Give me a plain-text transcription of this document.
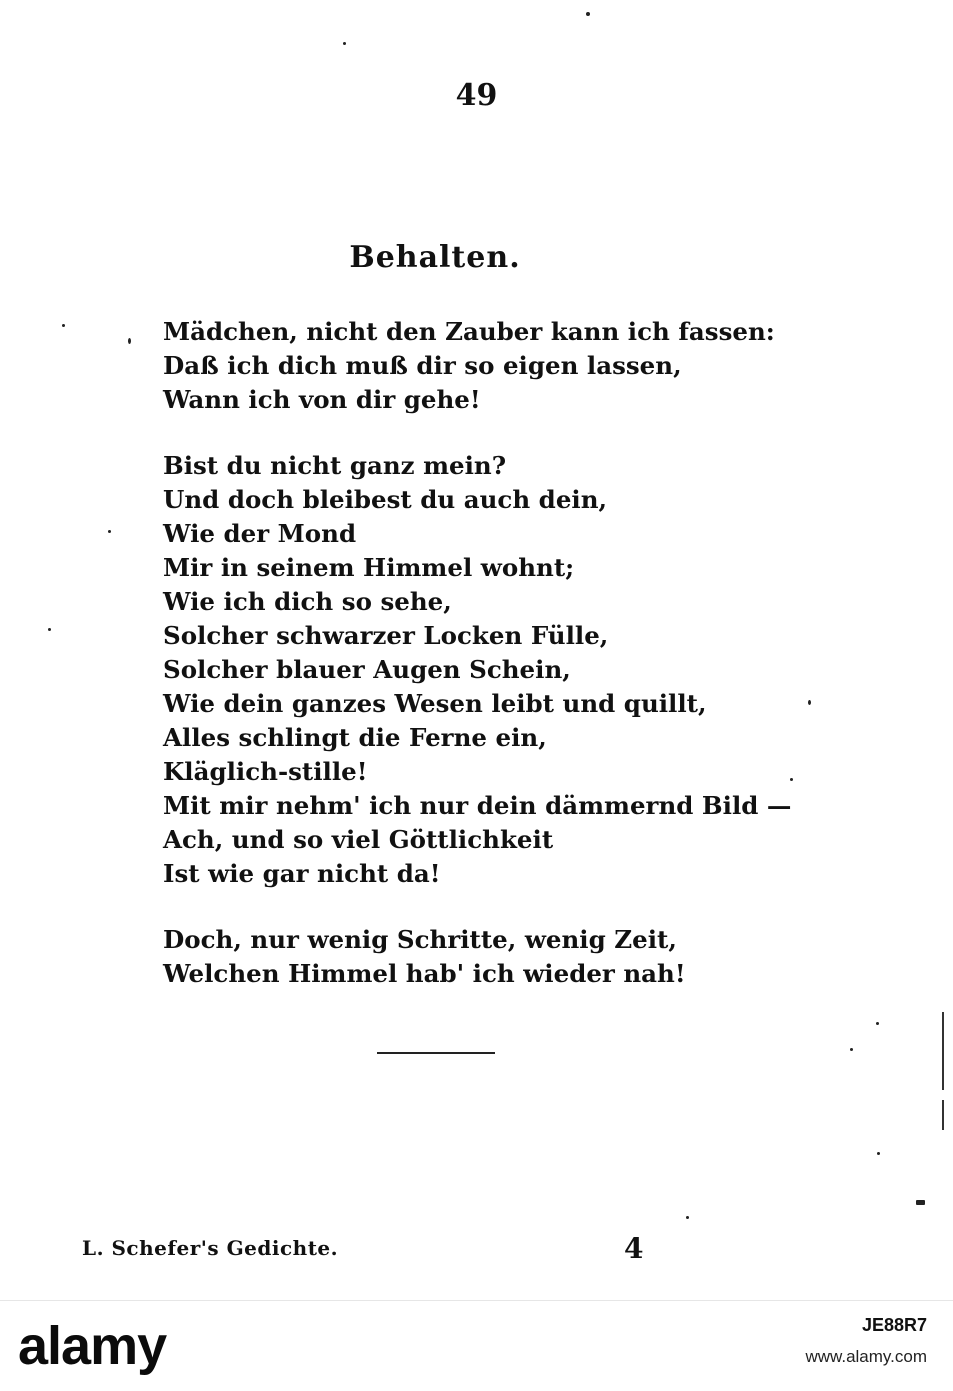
49
Behalten.
Mädchen, nicht den Zauber kann ich fassen:
Daß ich dich muß dir so eigen lassen,
Wann ich von dir gehe!
Bist du nicht ganz mein?
Und doch bleibest du auch dein,
Wie der Mond
Mir in seinem Himmel wohnt;
Wie ich dich so sehe,
Solcher schwarzer Locken Fülle,
Solcher blauer Augen Schein,
Wie dein ganzes Wesen leibt und quillt,
Alles schlingt die Ferne ein,
Kläglich-stille!
Mit mir nehm' ich nur dein dämmernd Bild —
Ach, und so viel Göttlichkeit
Ist wie gar nicht da!
Doch, nur wenig Schritte, wenig Zeit,
Welchen Himmel hab' ich wieder nah!
L. Schefer's Gedichte.	4
alamy	JE88R7
www.alamy.com
